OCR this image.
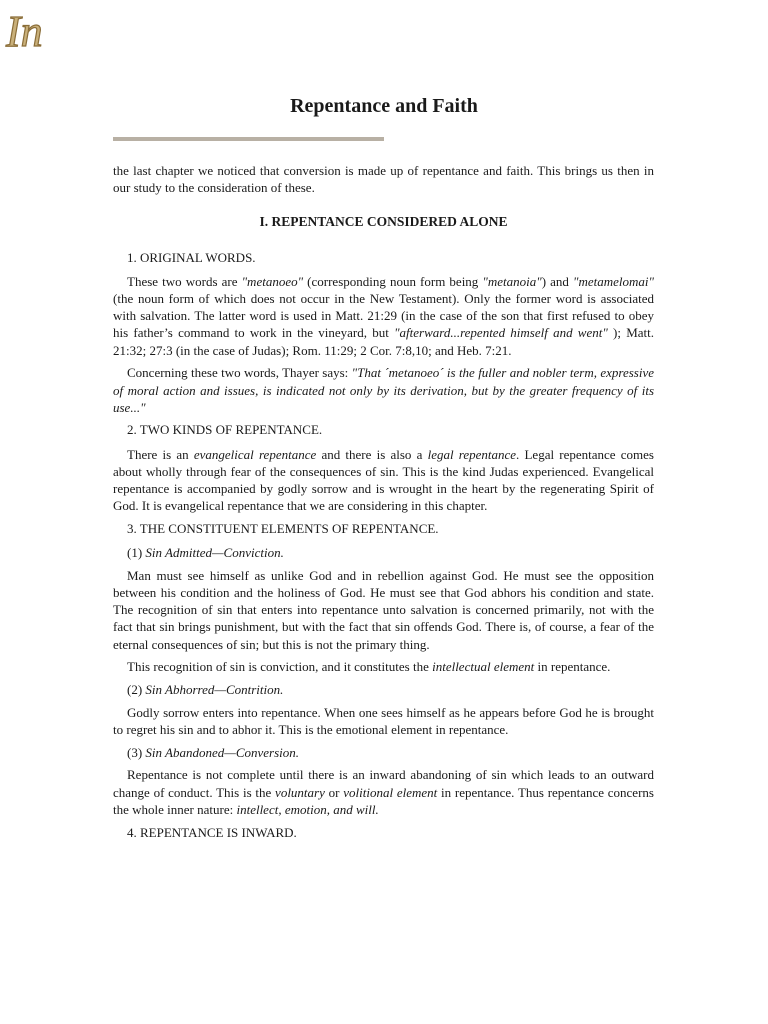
In
Repentance and Faith

the last chapter we noticed that conversion is made up of repentance and faith. This brings us then in our study to the consideration of these.

I. REPENTANCE CONSIDERED ALONE

1. ORIGINAL WORDS.

These two words are "metanoeo" (corresponding noun form being "metanoia") and "metamelomai" (the noun form of which does not occur in the New Testament). Only the former word is associated with salvation. The latter word is used in Matt. 21:29 (in the case of the son that first refused to obey his father’s command to work in the vineyard, but "afterward...repented himself and went" ); Matt. 21:32; 27:3 (in the case of Judas); Rom. 11:29; 2 Cor. 7:8,10; and Heb. 7:21.

Concerning these two words, Thayer says: "That ´metanoeo´ is the fuller and nobler term, expressive of moral action and issues, is indicated not only by its derivation, but by the greater frequency of its use..."

2. TWO KINDS OF REPENTANCE.

There is an evangelical repentance and there is also a legal repentance. Legal repentance comes about wholly through fear of the consequences of sin. This is the kind Judas experienced. Evangelical repentance is accompanied by godly sorrow and is wrought in the heart by the regenerating Spirit of God. It is evangelical repentance that we are considering in this chapter.

3. THE CONSTITUENT ELEMENTS OF REPENTANCE.

(1) Sin Admitted—Conviction.

Man must see himself as unlike God and in rebellion against God. He must see the opposition between his condition and the holiness of God. He must see that God abhors his condition and state. The recognition of sin that enters into repentance unto salvation is concerned primarily, not with the fact that sin brings punishment, but with the fact that sin offends God. There is, of course, a fear of the eternal consequences of sin; but this is not the primary thing.

This recognition of sin is conviction, and it constitutes the intellectual element in repentance.

(2) Sin Abhorred—Contrition.

Godly sorrow enters into repentance. When one sees himself as he appears before God he is brought to regret his sin and to abhor it. This is the emotional element in repentance.

(3) Sin Abandoned—Conversion.

Repentance is not complete until there is an inward abandoning of sin which leads to an outward change of conduct. This is the voluntary or volitional element in repentance. Thus repentance concerns the whole inner nature: intellect, emotion, and will.

4. REPENTANCE IS INWARD.
